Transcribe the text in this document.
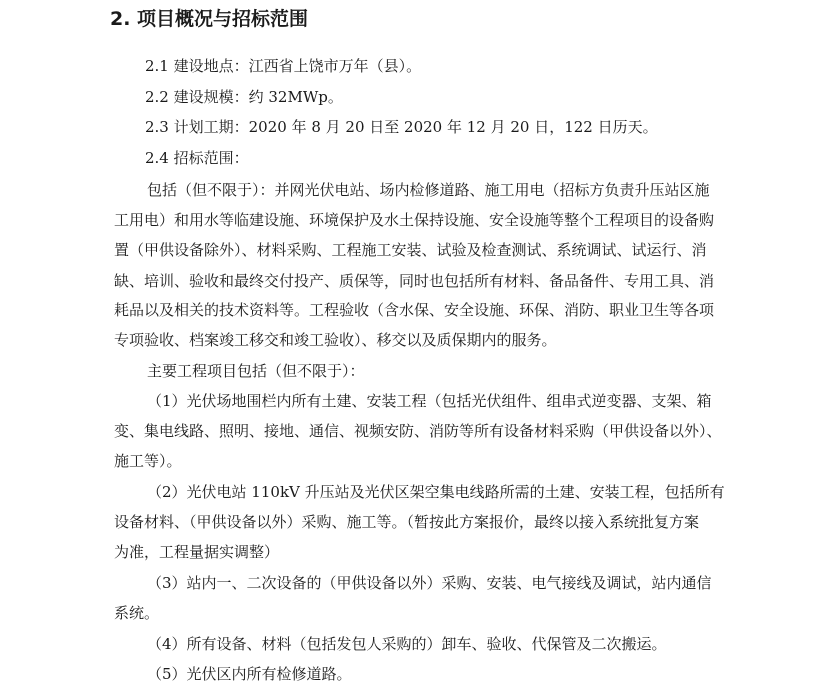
2. 项目概况与招标范围
2.1 建设地点：江西省上饶市万年（县）。
2.2 建设规模：约 32MWp。
2.3 计划工期：2020 年 8 月 20 日至 2020 年 12 月 20 日，122 日历天。
2.4 招标范围：
包括（但不限于）：并网光伏电站、场内检修道路、施工用电（招标方负责升压站区施
工用电）和用水等临建设施、环境保护及水土保持设施、安全设施等整个工程项目的设备购
置（甲供设备除外）、材料采购、工程施工安装、试验及检查测试、系统调试、试运行、消
缺、培训、验收和最终交付投产、质保等，同时也包括所有材料、备品备件、专用工具、消
耗品以及相关的技术资料等。工程验收（含水保、安全设施、环保、消防、职业卫生等各项
专项验收、档案竣工移交和竣工验收）、移交以及质保期内的服务。
主要工程项目包括（但不限于）：
（1）光伏场地围栏内所有土建、安装工程（包括光伏组件、组串式逆变器、支架、箱
变、集电线路、照明、接地、通信、视频安防、消防等所有设备材料采购（甲供设备以外）、
施工等）。
（2）光伏电站 110kV 升压站及光伏区架空集电线路所需的土建、安装工程，包括所有
设备材料、（甲供设备以外）采购、施工等。（暂按此方案报价，最终以接入系统批复方案
为准，工程量据实调整）
（3）站内一、二次设备的（甲供设备以外）采购、安装、电气接线及调试，站内通信
系统。
（4）所有设备、材料（包括发包人采购的）卸车、验收、代保管及二次搬运。
（5）光伏区内所有检修道路。
